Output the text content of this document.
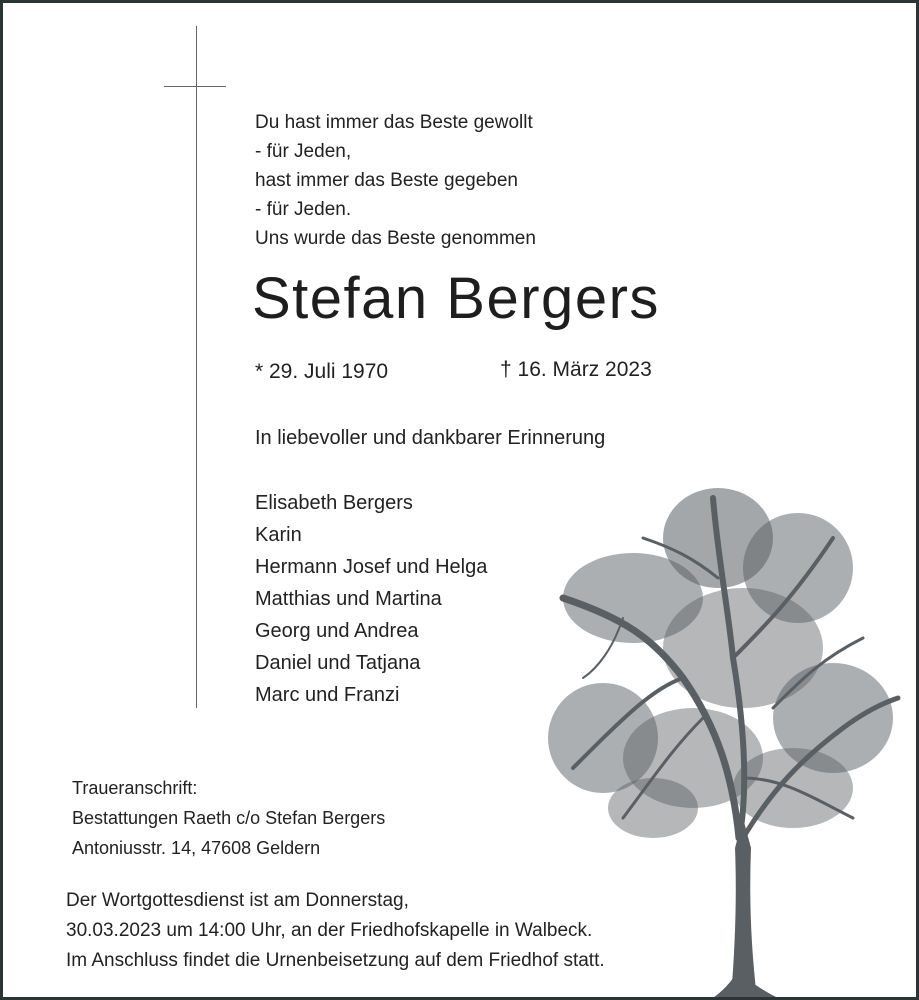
Du hast immer das Beste gewollt
- für Jeden,
hast immer das Beste gegeben
- für Jeden.
Uns wurde das Beste genommen
Stefan Bergers
* 29. Juli 1970	† 16. März 2023
In liebevoller und dankbarer Erinnerung
Elisabeth Bergers
Karin
Hermann Josef und Helga
Matthias und Martina
Georg und Andrea
Daniel und Tatjana
Marc und Franzi
Traueranschrift:
Bestattungen Raeth c/o Stefan Bergers
Antoniusstr. 14, 47608 Geldern
Der Wortgottesdienst ist am Donnerstag,
30.03.2023 um 14:00 Uhr, an der Friedhofskapelle in Walbeck.
Im Anschluss findet die Urnenbeisetzung auf dem Friedhof statt.
